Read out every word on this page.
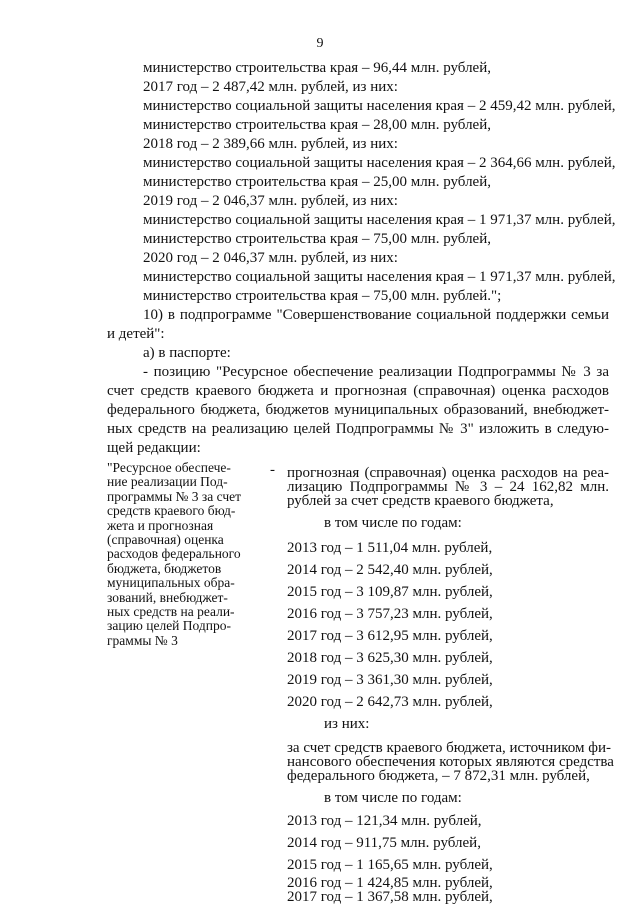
9
министерство строительства края – 96,44 млн. рублей,
2017 год – 2 487,42 млн. рублей, из них:
министерство социальной защиты населения края – 2 459,42 млн. рублей,
министерство строительства края – 28,00 млн. рублей,
2018 год – 2 389,66 млн. рублей, из них:
министерство социальной защиты населения края – 2 364,66 млн. рублей,
министерство строительства края – 25,00 млн. рублей,
2019 год – 2 046,37 млн. рублей, из них:
министерство социальной защиты населения края – 1 971,37 млн. рублей,
министерство строительства края – 75,00 млн. рублей,
2020 год – 2 046,37 млн. рублей, из них:
министерство социальной защиты населения края – 1 971,37 млн. рублей,
министерство строительства края – 75,00 млн. рублей.";
10) в подпрограмме "Совершенствование социальной поддержки семьи
и детей":
а) в паспорте:
- позицию "Ресурсное обеспечение реализации Подпрограммы № 3 за
счет средств краевого бюджета и прогнозная (справочная) оценка расходов
федерального бюджета, бюджетов муниципальных образований, внебюджет-
ных средств на реализацию целей Подпрограммы № 3" изложить в следую-
щей редакции:
"Ресурсное обеспече-
ние реализации Под-
программы № 3 за счет
средств краевого бюд-
жета и прогнозная
(справочная) оценка
расходов федерального
бюджета, бюджетов
муниципальных обра-
зований, внебюджет-
ных средств на реали-
зацию целей Подпро-
граммы № 3
- прогнозная (справочная) оценка расходов на реа-
лизацию Подпрограммы № 3 – 24 162,82 млн.
рублей за счет средств краевого бюджета,
в том числе по годам:
2013 год – 1 511,04 млн. рублей,
2014 год – 2 542,40 млн. рублей,
2015 год – 3 109,87 млн. рублей,
2016 год – 3 757,23 млн. рублей,
2017 год – 3 612,95 млн. рублей,
2018 год – 3 625,30 млн. рублей,
2019 год – 3 361,30 млн. рублей,
2020 год – 2 642,73 млн. рублей,
из них:
за счет средств краевого бюджета, источником фи-
нансового обеспечения которых являются средства
федерального бюджета, – 7 872,31 млн. рублей,
в том числе по годам:
2013 год – 121,34 млн. рублей,
2014 год – 911,75 млн. рублей,
2015 год – 1 165,65 млн. рублей,
2016 год – 1 424,85 млн. рублей,
2017 год – 1 367,58 млн. рублей,
